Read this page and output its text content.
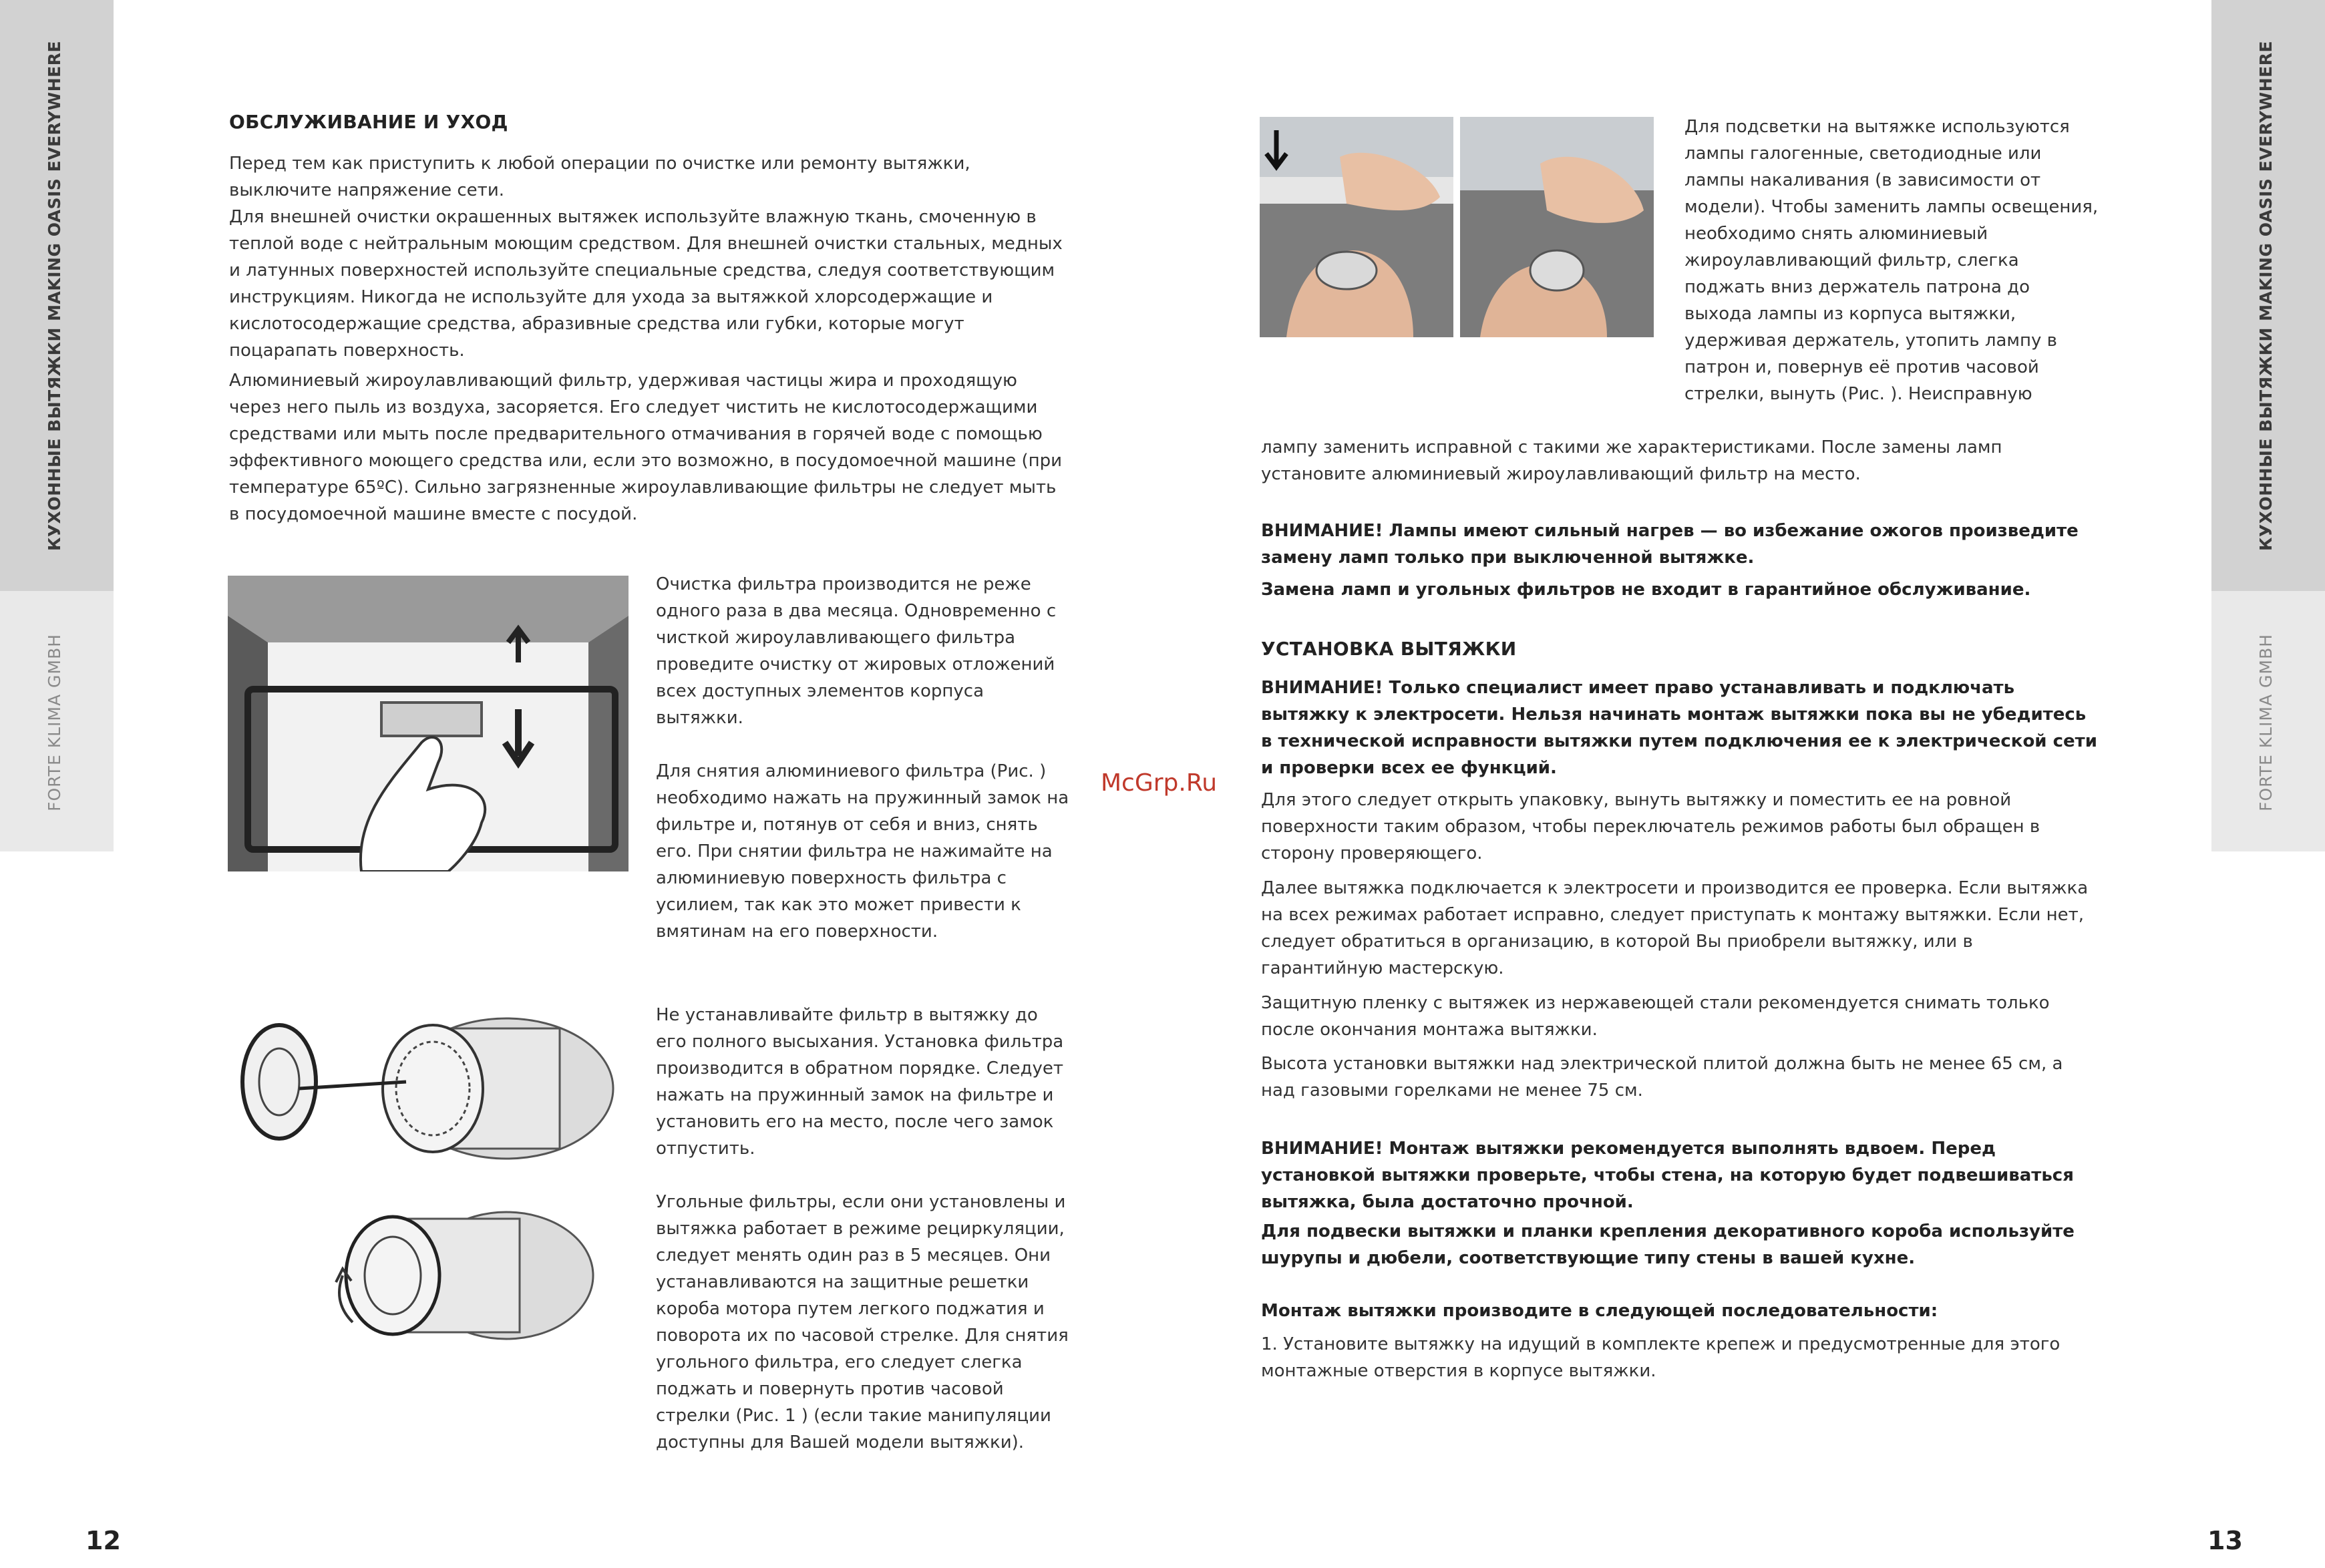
КУХОННЫЕ ВЫТЯЖКИ MAKING OASIS EVERYWHERE
FORTE KLIMA GMBH
КУХОННЫЕ ВЫТЯЖКИ MAKING OASIS EVERYWHERE
FORTE KLIMA GMBH
12	13
McGrp.Ru
ОБСЛУЖИВАНИЕ И УХОД

Перед тем как приступить к любой операции по очистке или ремонту вытяжки, выключите напряжение сети.

Для внешней очистки окрашенных вытяжек используйте влажную ткань, смоченную в теплой воде с нейтральным моющим средством. Для внешней очистки стальных, медных и латунных поверхностей используйте специальные средства, следуя соответствующим инструкциям. Никогда не используйте для ухода за вытяжкой хлорсодержащие и кислотосодержащие средства, абразивные средства или губки, которые могут поцарапать поверхность.

Алюминиевый жироулавливающий фильтр, удерживая частицы жира и проходящую через него пыль из воздуха, засоряется. Его следует чистить не кислотосодержащими средствами или мыть после предварительного отмачивания в горячей воде с помощью эффективного моющего средства или, если это возможно, в посудомоечной машине (при температуре 65ºС). Сильно загрязненные жироулавливающие фильтры не следует мыть в посудомоечной машине вместе с посудой.

Очистка фильтра производится не реже одного раза в два месяца. Одновременно с чисткой жироулавливающего фильтра проведите очистку от жировых отложений всех доступных элементов корпуса вытяжки.

Для снятия алюминиевого фильтра (Рис. ) необходимо нажать на пружинный замок на фильтре и, потянув от себя и вниз, снять его. При снятии фильтра не нажимайте на алюминиевую поверхность фильтра с усилием, так как это может привести к вмятинам на его поверхности.

Не устанавливайте фильтр в вытяжку до его полного высыхания. Установка фильтра производится в обратном порядке. Следует нажать на пружинный замок на фильтре и установить его на место, после чего замок отпустить.

Угольные фильтры, если они установлены и вытяжка работает в режиме рециркуляции, следует менять один раз в 5 месяцев. Они устанавливаются на защитные решетки короба мотора путем легкого поджатия и поворота их по часовой стрелке. Для снятия угольного фильтра, его следует слегка поджать и повернуть против часовой стрелки (Рис. 1 ) (если такие манипуляции доступны для Вашей модели вытяжки).

Для подсветки на вытяжке используются лампы галогенные, светодиодные или лампы накаливания (в зависимости от модели). Чтобы заменить лампы освещения, необходимо снять алюминиевый жироулавливающий фильтр, слегка поджать вниз держатель патрона до выхода лампы из корпуса вытяжки, удерживая держатель, утопить лампу в патрон и, повернув её против часовой стрелки, вынуть (Рис. ). Неисправную

лампу заменить исправной с такими же характеристиками. После замены ламп установите алюминиевый жироулавливающий фильтр на место.

ВНИМАНИЕ! Лампы имеют сильный нагрев — во избежание ожогов произведите замену ламп только при выключенной вытяжке.

Замена ламп и угольных фильтров не входит в гарантийное обслуживание.

УСТАНОВКА ВЫТЯЖКИ

ВНИМАНИЕ! Только специалист имеет право устанавливать и подключать вытяжку к электросети. Нельзя начинать монтаж вытяжки пока вы не убедитесь в технической исправности вытяжки путем подключения ее к электрической сети и проверки всех ее функций.

Для этого следует открыть упаковку, вынуть вытяжку и поместить ее на ровной поверхности таким образом, чтобы переключатель режимов работы был обращен в сторону проверяющего.

Далее вытяжка подключается к электросети и производится ее проверка. Если вытяжка на всех режимах работает исправно, следует приступать к монтажу вытяжки. Если нет, следует обратиться в организацию, в которой Вы приобрели вытяжку, или в гарантийную мастерскую.

Защитную пленку с вытяжек из нержавеющей стали рекомендуется снимать только после окончания монтажа вытяжки.

Высота установки вытяжки над электрической плитой должна быть не менее 65 см, а над газовыми горелками не менее 75 см.

ВНИМАНИЕ! Монтаж вытяжки рекомендуется выполнять вдвоем. Перед установкой вытяжки проверьте, чтобы стена, на которую будет подвешиваться вытяжка, была достаточно прочной.

Для подвески вытяжки и планки крепления декоративного короба используйте шурупы и дюбели, соответствующие типу стены в вашей кухне.

Монтаж вытяжки производите в следующей последовательности:

1. Установите вытяжку на идущий в комплекте крепеж и предусмотренные для этого монтажные отверстия в корпусе вытяжки.
